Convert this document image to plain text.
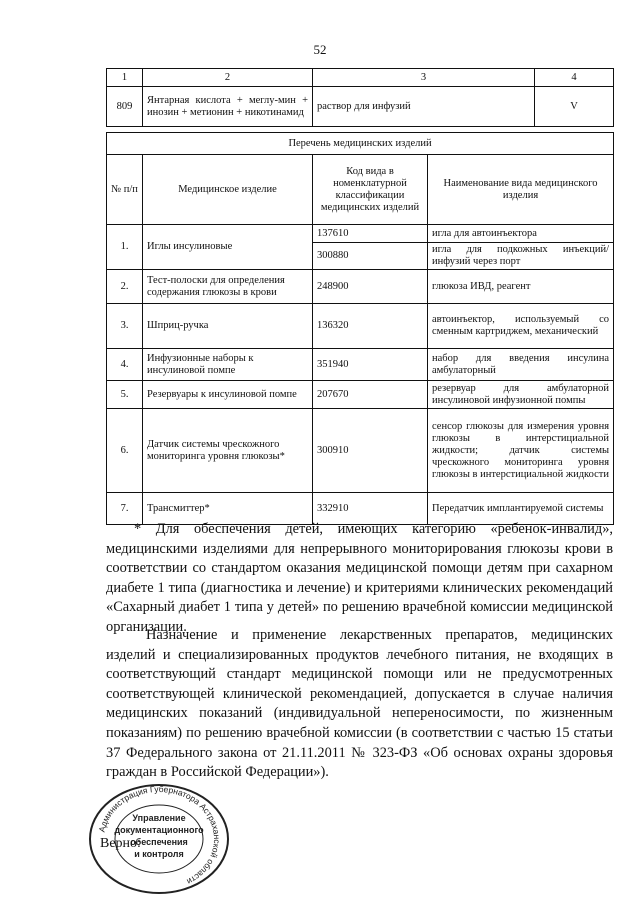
52
1	2	3	4
809	Янтарная кислота + меглу-мин + инозин + метионин + никотинамид	раствор для инфузий	V
Перечень медицинских изделий			
№ п/п	Медицинское изделие	Код вида в номенклатурной классификации медицинских изделий	Наименование вида медицинского изделия
1.	Иглы инсулиновые	137610	игла для автоинъектора
		300880	игла для подкожных инъекций/инфузий через порт
2.	Тест-полоски для определения содержания глюкозы в крови	248900	глюкоза ИВД, реагент
3.	Шприц-ручка	136320	автоинъектор, используемый со сменным картриджем, механический
4.	Инфузионные наборы к инсулиновой помпе	351940	набор для введения инсулина амбулаторный
5.	Резервуары к инсулиновой помпе	207670	резервуар для амбулаторной инсулиновой инфузионной помпы
6.	Датчик системы чрескожного мониторинга уровня глюкозы*	300910	сенсор глюкозы для измерения уровня глюкозы в интерстициальной жидкости; датчик системы чрескожного мониторинга уровня глюкозы в интерстициальной жидкости
7.	Трансмиттер*	332910	Передатчик имплантируемой системы

* Для обеспечения детей, имеющих категорию «ребенок-инвалид», медицинскими изделиями для непрерывного мониторирования глюкозы крови в соответствии со стандартом оказания медицинской помощи детям при сахарном диабете 1 типа (диагностика и лечение) и критериями клинических рекомендаций «Сахарный диабет 1 типа у детей» по решению врачебной комиссии медицинской организации.

Назначение и применение лекарственных препаратов, медицинских изделий и специализированных продуктов лечебного питания, не входящих в соответствующий стандарт медицинской помощи или не предусмотренных соответствующей клинической рекомендацией, допускается в случае наличия медицинских показаний (индивидуальной непереносимости, по жизненным показаниям) по решению врачебной комиссии (в соответствии с частью 15 статьи 37 Федерального закона от 21.11.2011 № 323-ФЗ «Об основах охраны здоровья граждан в Российской Федерации»).

Администрация Губернатора Астраханской области
Управление
документационного
обеспечения
и контроля
Верно:
